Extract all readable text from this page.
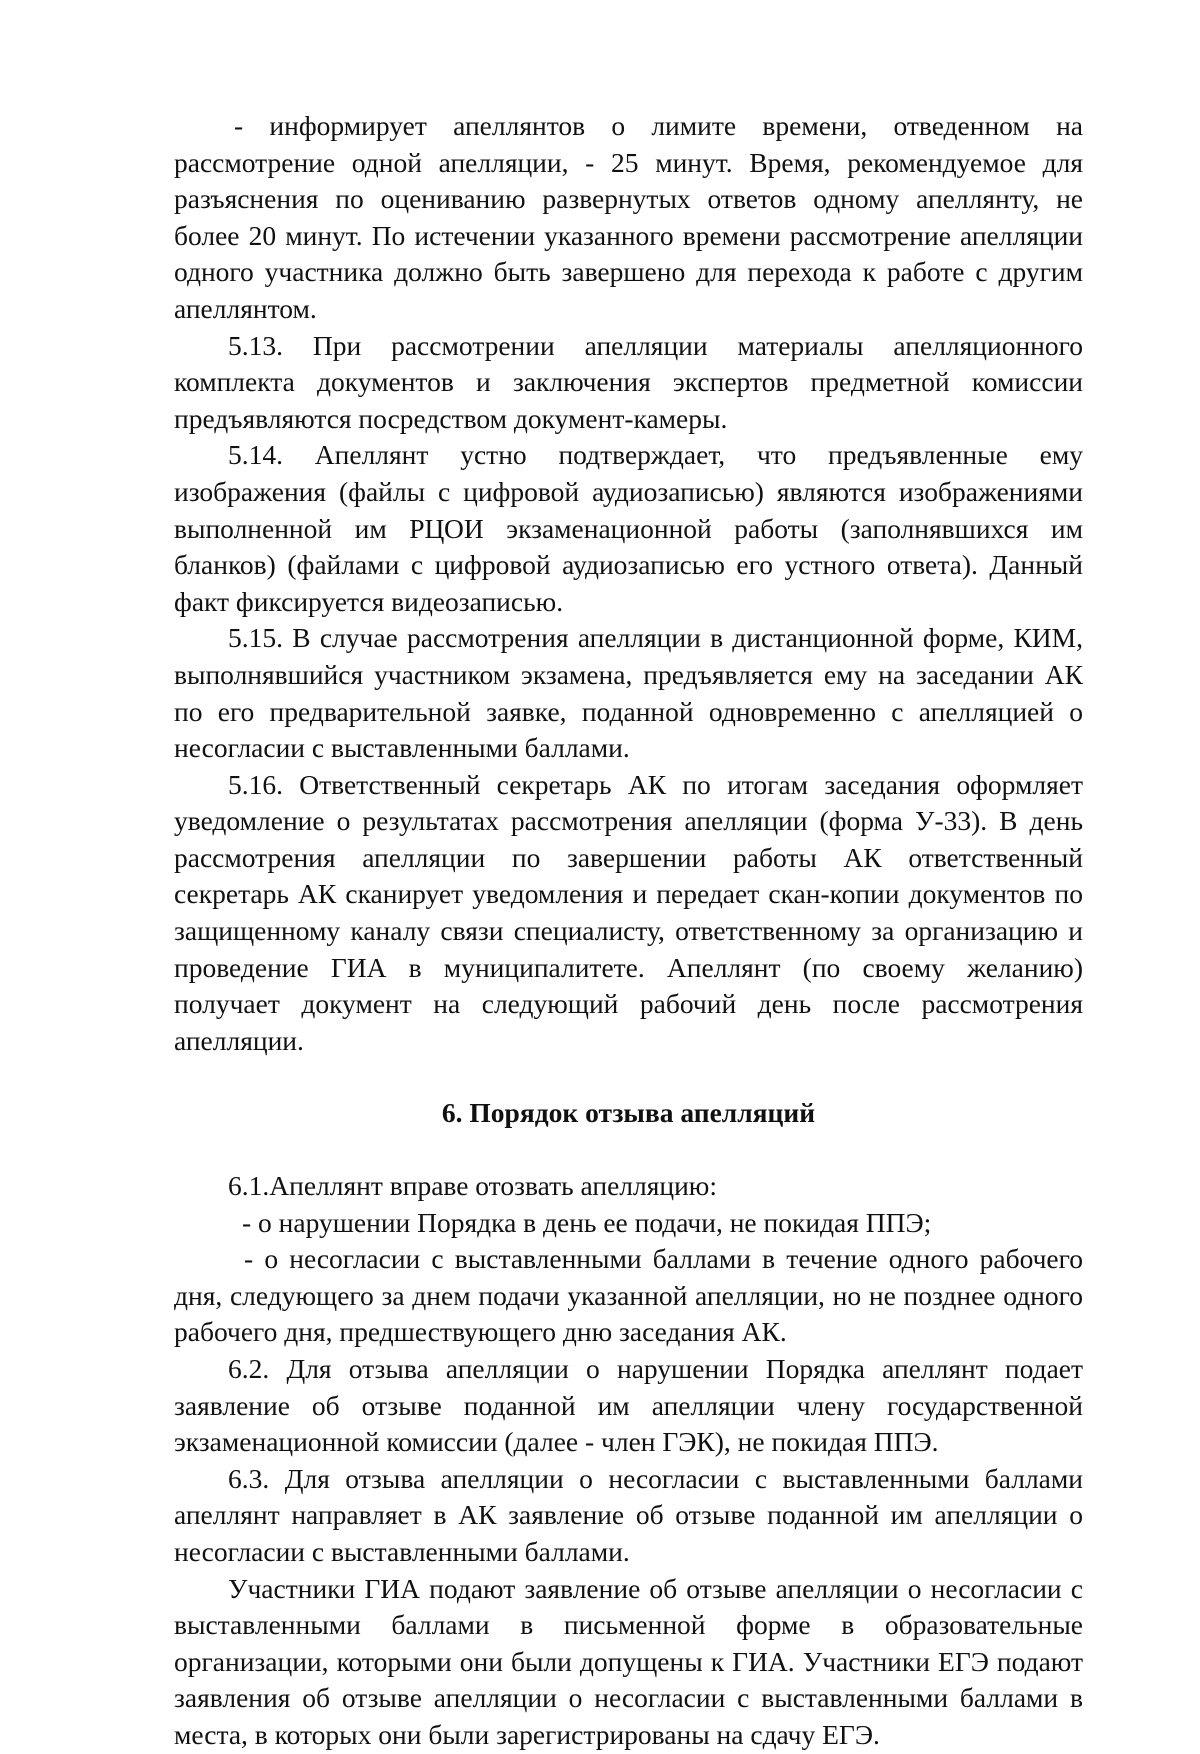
- информирует апеллянтов о лимите времени, отведенном на рассмотрение одной апелляции, - 25 минут. Время, рекомендуемое для разъяснения по оцениванию развернутых ответов одному апеллянту, не более 20 минут. По истечении указанного времени рассмотрение апелляции одного участника должно быть завершено для перехода к работе с другим апеллянтом.

5.13. При рассмотрении апелляции материалы апелляционного комплекта документов и заключения экспертов предметной комиссии предъявляются посредством документ-камеры.

5.14. Апеллянт устно подтверждает, что предъявленные ему изображения (файлы с цифровой аудиозаписью) являются изображениями выполненной им РЦОИ экзаменационной работы (заполнявшихся им бланков) (файлами с цифровой аудиозаписью его устного ответа). Данный факт фиксируется видеозаписью.

5.15. В случае рассмотрения апелляции в дистанционной форме, КИМ, выполнявшийся участником экзамена, предъявляется ему на заседании АК по его предварительной заявке, поданной одновременно с апелляцией о несогласии с выставленными баллами.

5.16. Ответственный секретарь АК по итогам заседания оформляет уведомление о результатах рассмотрения апелляции (форма У-33). В день рассмотрения апелляции по завершении работы АК ответственный секретарь АК сканирует уведомления и передает скан-копии документов по защищенному каналу связи специалисту, ответственному за организацию и проведение ГИА в муниципалитете. Апеллянт (по своему желанию) получает документ на следующий рабочий день после рассмотрения апелляции.

6. Порядок отзыва апелляций

6.1.Апеллянт вправе отозвать апелляцию:

- о нарушении Порядка в день ее подачи, не покидая ППЭ;

- о несогласии с выставленными баллами в течение одного рабочего дня, следующего за днем подачи указанной апелляции, но не позднее одного рабочего дня, предшествующего дню заседания АК.

6.2. Для отзыва апелляции о нарушении Порядка апеллянт подает заявление об отзыве поданной им апелляции члену государственной экзаменационной комиссии (далее - член ГЭК), не покидая ППЭ.

6.3. Для отзыва апелляции о несогласии с выставленными баллами апеллянт направляет в АК заявление об отзыве поданной им апелляции о несогласии с выставленными баллами.

Участники ГИА подают заявление об отзыве апелляции о несогласии с выставленными баллами в письменной форме в образовательные организации, которыми они были допущены к ГИА. Участники ЕГЭ подают заявления об отзыве апелляции о несогласии с выставленными баллами в места, в которых они были зарегистрированы на сдачу ЕГЭ.
